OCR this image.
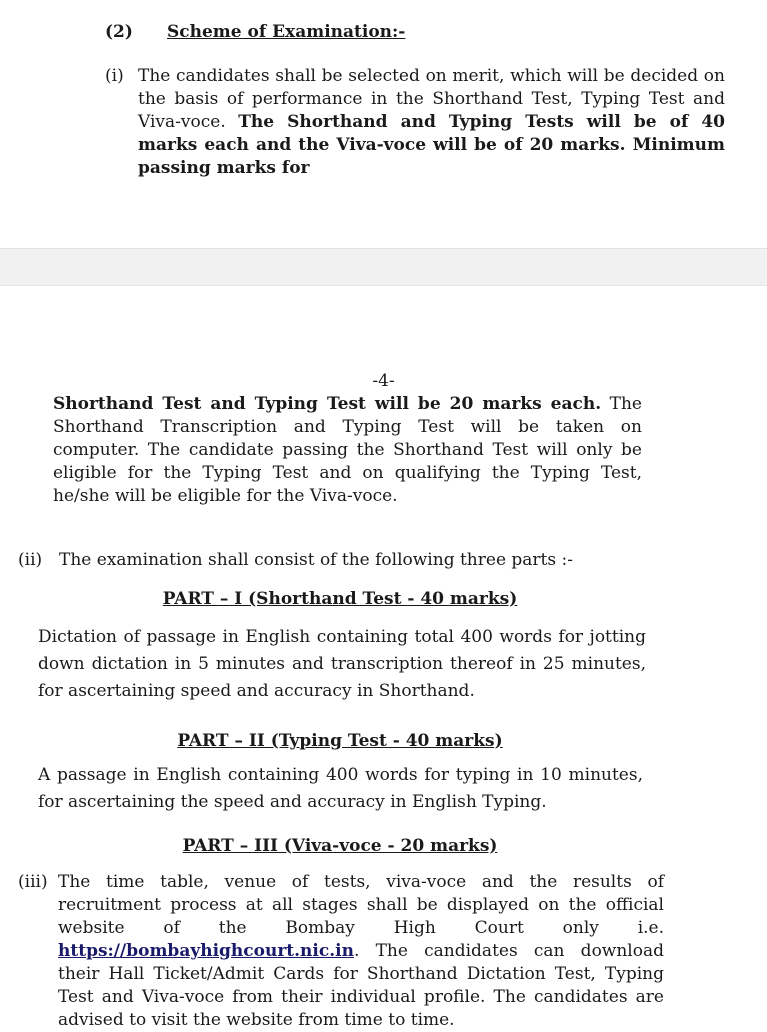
(2) Scheme of Examination:-
(i) The candidates shall be selected on merit, which will be decided on the basis of performance in the Shorthand Test, Typing Test and Viva-voce. The Shorthand and Typing Tests will be of 40 marks each and the Viva-voce will be of 20 marks. Minimum passing marks for
-4-
Shorthand Test and Typing Test will be 20 marks each. The Shorthand Transcription and Typing Test will be taken on computer. The candidate passing the Shorthand Test will only be eligible for the Typing Test and on qualifying the Typing Test, he/she will be eligible for the Viva-voce.
(ii) The examination shall consist of the following three parts :-
PART – I (Shorthand Test - 40 marks)
Dictation of passage in English containing total 400 words for jotting down dictation in 5 minutes and transcription thereof in 25 minutes, for ascertaining speed and accuracy in Shorthand.
PART – II (Typing Test - 40 marks)
A passage in English containing 400 words for typing in 10 minutes, for ascertaining the speed and accuracy in English Typing.
PART – III (Viva-voce - 20 marks)
(iii) The time table, venue of tests, viva-voce and the results of recruitment process at all stages shall be displayed on the official website of the Bombay High Court only i.e. https://bombayhighcourt.nic.in. The candidates can download their Hall Ticket/Admit Cards for Shorthand Dictation Test, Typing Test and Viva-voce from their individual profile. The candidates are advised to visit the website from time to time.
